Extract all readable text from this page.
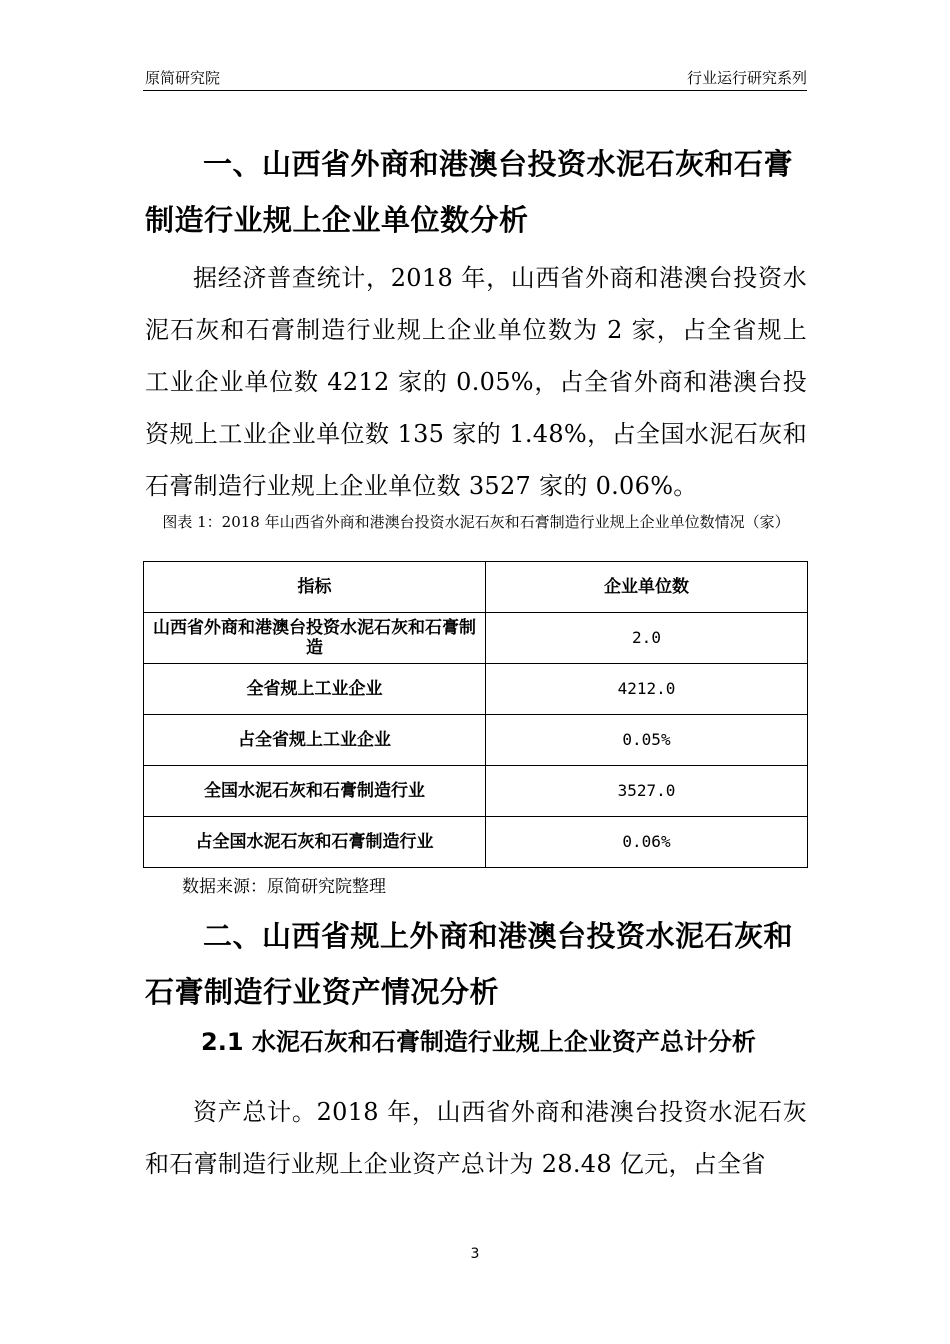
原简研究院	行业运行研究系列
一、山西省外商和港澳台投资水泥石灰和石膏制造行业规上企业单位数分析
据经济普查统计，2018 年，山西省外商和港澳台投资水泥石灰和石膏制造行业规上企业单位数为 2 家，占全省规上工业企业单位数 4212 家的 0.05%，占全省外商和港澳台投资规上工业企业单位数 135 家的 1.48%，占全国水泥石灰和石膏制造行业规上企业单位数 3527 家的 0.06%。
图表 1：2018 年山西省外商和港澳台投资水泥石灰和石膏制造行业规上企业单位数情况（家）
指标	企业单位数
山西省外商和港澳台投资水泥石灰和石膏制造	2.0
全省规上工业企业	4212.0
占全省规上工业企业	0.05%
全国水泥石灰和石膏制造行业	3527.0
占全国水泥石灰和石膏制造行业	0.06%
数据来源：原简研究院整理
二、山西省规上外商和港澳台投资水泥石灰和石膏制造行业资产情况分析
2.1 水泥石灰和石膏制造行业规上企业资产总计分析
资产总计。2018 年，山西省外商和港澳台投资水泥石灰和石膏制造行业规上企业资产总计为 28.48 亿元，占全省
3
